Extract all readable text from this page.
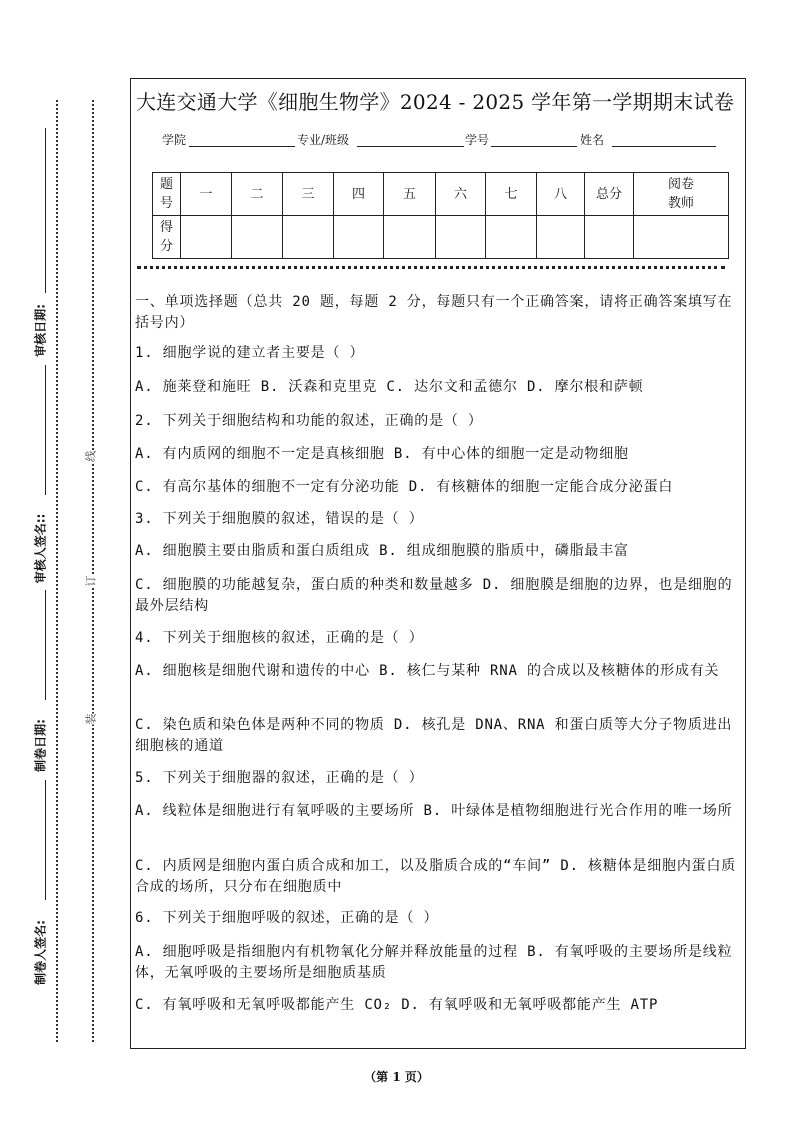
审核日期:
审核人签名::
制卷日期:
制卷人签名:
线
订
装
大连交通大学《细胞生物学》2024 - 2025 学年第一学期期末试卷
学院	专业/班级	学号	姓名
题号	一	二	三	四	五	六	七	八	总分	阅卷教师
得分										
一、单项选择题（总共 20 题，每题 2 分，每题只有一个正确答案，请将正确答案填写在括号内）
1. 细胞学说的建立者主要是（ ）
A. 施莱登和施旺 B. 沃森和克里克 C. 达尔文和孟德尔 D. 摩尔根和萨顿
2. 下列关于细胞结构和功能的叙述，正确的是（ ）
A. 有内质网的细胞不一定是真核细胞 B. 有中心体的细胞一定是动物细胞
C. 有高尔基体的细胞不一定有分泌功能 D. 有核糖体的细胞一定能合成分泌蛋白
3. 下列关于细胞膜的叙述，错误的是（ ）
A. 细胞膜主要由脂质和蛋白质组成 B. 组成细胞膜的脂质中，磷脂最丰富
C. 细胞膜的功能越复杂，蛋白质的种类和数量越多 D. 细胞膜是细胞的边界，也是细胞的最外层结构
4. 下列关于细胞核的叙述，正确的是（ ）
A. 细胞核是细胞代谢和遗传的中心 B. 核仁与某种 RNA 的合成以及核糖体的形成有关
C. 染色质和染色体是两种不同的物质 D. 核孔是 DNA、RNA 和蛋白质等大分子物质进出细胞核的通道
5. 下列关于细胞器的叙述，正确的是（ ）
A. 线粒体是细胞进行有氧呼吸的主要场所 B. 叶绿体是植物细胞进行光合作用的唯一场所
C. 内质网是细胞内蛋白质合成和加工，以及脂质合成的“车间” D. 核糖体是细胞内蛋白质合成的场所，只分布在细胞质中
6. 下列关于细胞呼吸的叙述，正确的是（ ）
A. 细胞呼吸是指细胞内有机物氧化分解并释放能量的过程 B. 有氧呼吸的主要场所是线粒体，无氧呼吸的主要场所是细胞质基质
C. 有氧呼吸和无氧呼吸都能产生 CO₂ D. 有氧呼吸和无氧呼吸都能产生 ATP
（第 1 页）
